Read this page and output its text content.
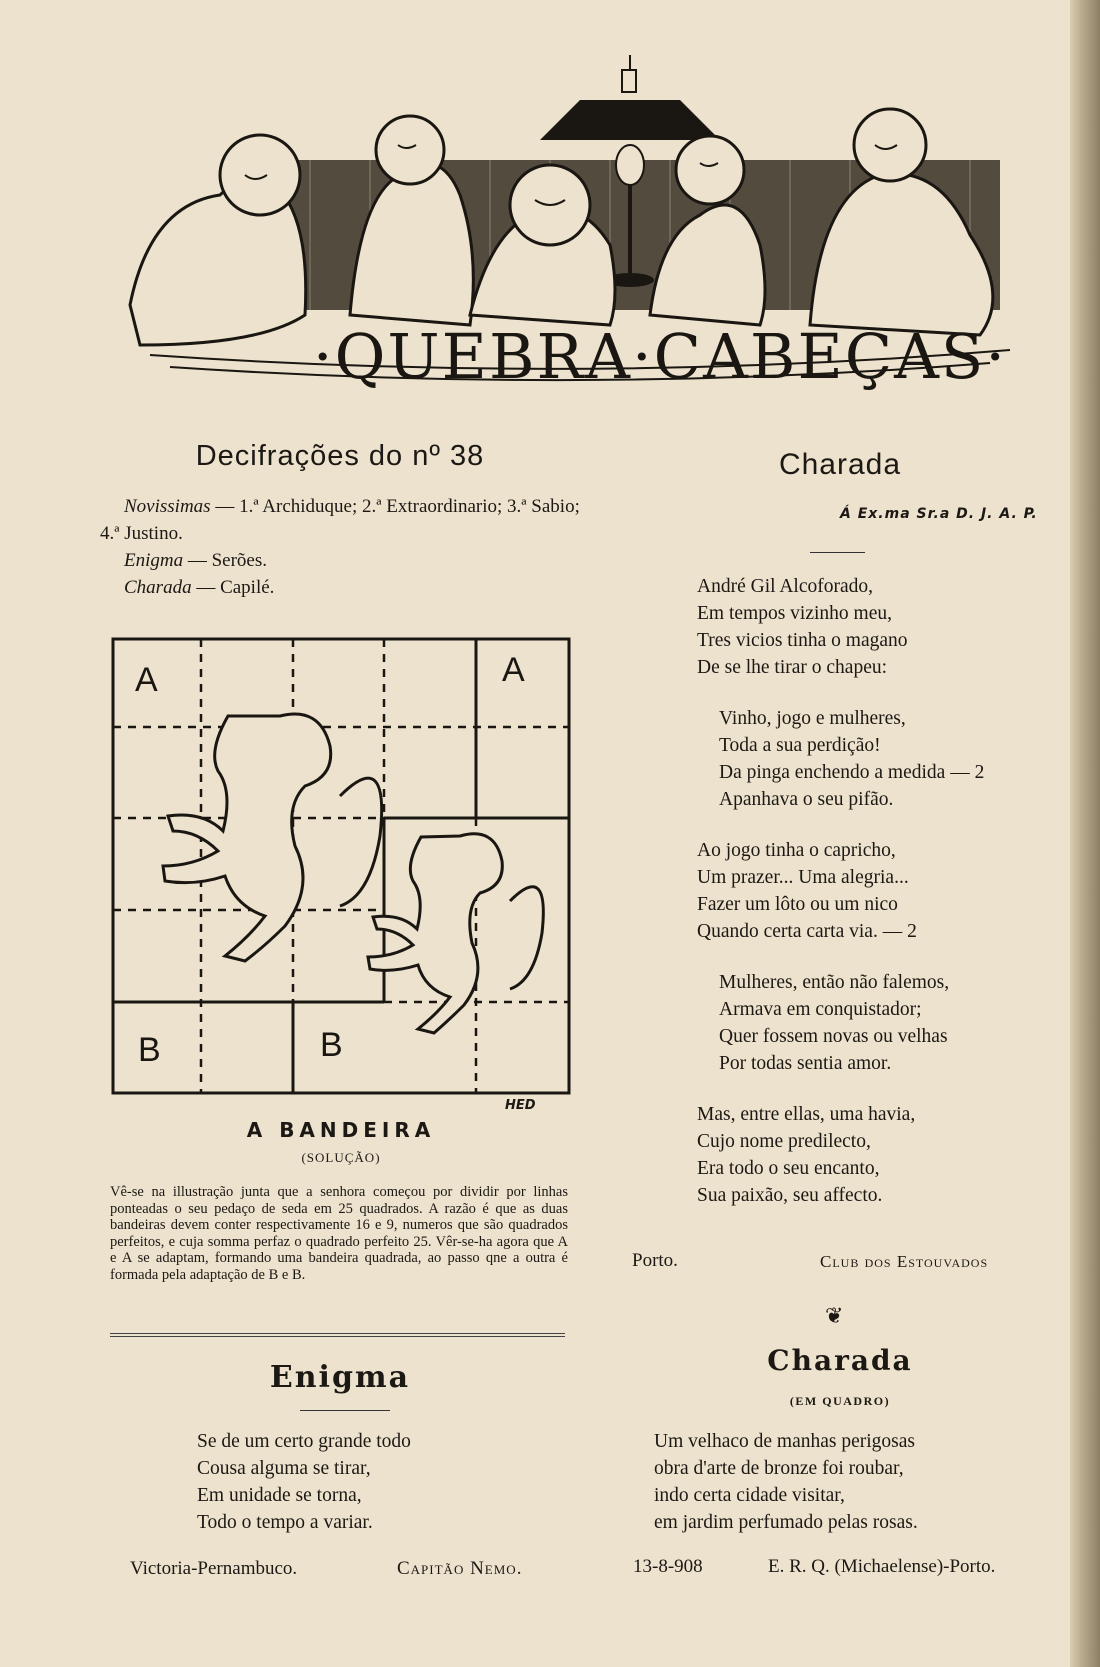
·QUEBRA·CABEÇAS·
Decifrações do nº 38

Novissimas — 1.ª Archiduque; 2.ª Extraordinario; 3.ª Sabio; 4.ª Justino.

Enigma — Serões.

Charada — Capilé.

A	A
B	B
HED
A BANDEIRA
(SOLUÇÃO)
Vê-se na illustração junta que a senhora começou por dividir por linhas ponteadas o seu pedaço de seda em 25 quadrados. A razão é que as duas bandeiras devem conter respectivamente 16 e 9, numeros que são quadrados perfeitos, e cuja somma perfaz o quadrado perfeito 25. Vêr-se-ha agora que A e A se adaptam, formando uma bandeira quadrada, ao passo qne a outra é formada pela adaptação de B e B.
Enigma

Se de um certo grande todo

Cousa alguma se tirar,

Em unidade se torna,

Todo o tempo a variar.

Victoria-Pernambuco.	Capitão Nemo.
Charada
Á Ex.ma Sr.a D. J. A. P.

André Gil Alcoforado,

Em tempos vizinho meu,

Tres vicios tinha o magano

De se lhe tirar o chapeu:

Vinho, jogo e mulheres,

Toda a sua perdição!

Da pinga enchendo a medida — 2

Apanhava o seu pifão.

Ao jogo tinha o capricho,

Um prazer... Uma alegria...

Fazer um lôto ou um nico

Quando certa carta via. — 2

Mulheres, então não falemos,

Armava em conquistador;

Quer fossem novas ou velhas

Por todas sentia amor.

Mas, entre ellas, uma havia,

Cujo nome predilecto,

Era todo o seu encanto,

Sua paixão, seu affecto.

Porto.	Club dos Estouvados
❦
Charada
(EM QUADRO)

Um velhaco de manhas perigosas

obra d'arte de bronze foi roubar,

indo certa cidade visitar,

em jardim perfumado pelas rosas.

13-8-908	E. R. Q. (Michaelense)-Porto.
